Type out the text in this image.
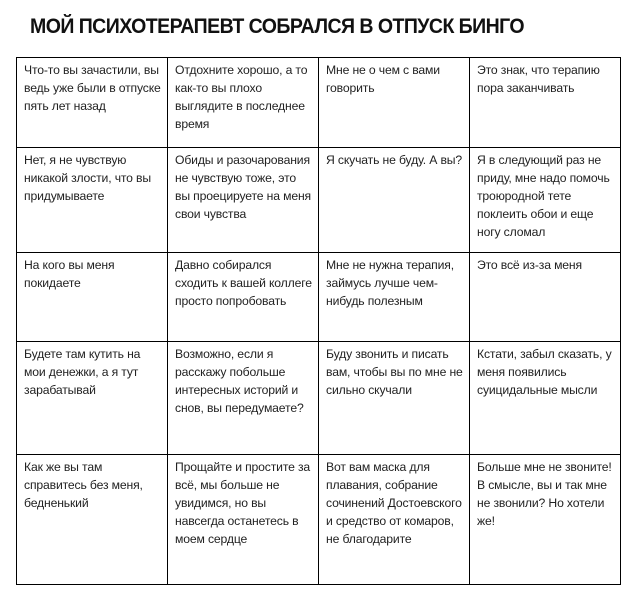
МОЙ ПСИХОТЕРАПЕВТ СОБРАЛСЯ В ОТПУСК БИНГО
Что-то вы зачастили, вы ведь уже были в отпуске пять лет назад	Отдохните хорошо, а то как-то вы плохо выглядите в последнее время	Мне не о чем с вами говорить	Это знак, что терапию пора заканчивать
Нет, я не чувствую никакой злости, что вы придумываете	Обиды и разочарования не чувствую тоже, это вы проецируете на меня свои чувства	Я скучать не буду. А вы?	Я в следующий раз не приду, мне надо помочь троюродной тете поклеить обои и еще ногу сломал
На кого вы меня покидаете	Давно собирался сходить к вашей коллеге просто попробовать	Мне не нужна терапия, займусь лучше чем-нибудь полезным	Это всё из-за меня
Будете там кутить на мои денежки, а я тут зарабатывай	Возможно, если я расскажу побольше интересных историй и снов, вы передумаете?	Буду звонить и писать вам, чтобы вы по мне не сильно скучали	Кстати, забыл сказать, у меня появились суицидальные мысли
Как же вы там справитесь без меня, бедненький	Прощайте и простите за всё, мы больше не увидимся, но вы навсегда останетесь в моем сердце	Вот вам маска для плавания, собрание сочинений Достоевского и средство от комаров, не благодарите	Больше мне не звоните! В смысле, вы и так мне не звонили? Но хотели же!
